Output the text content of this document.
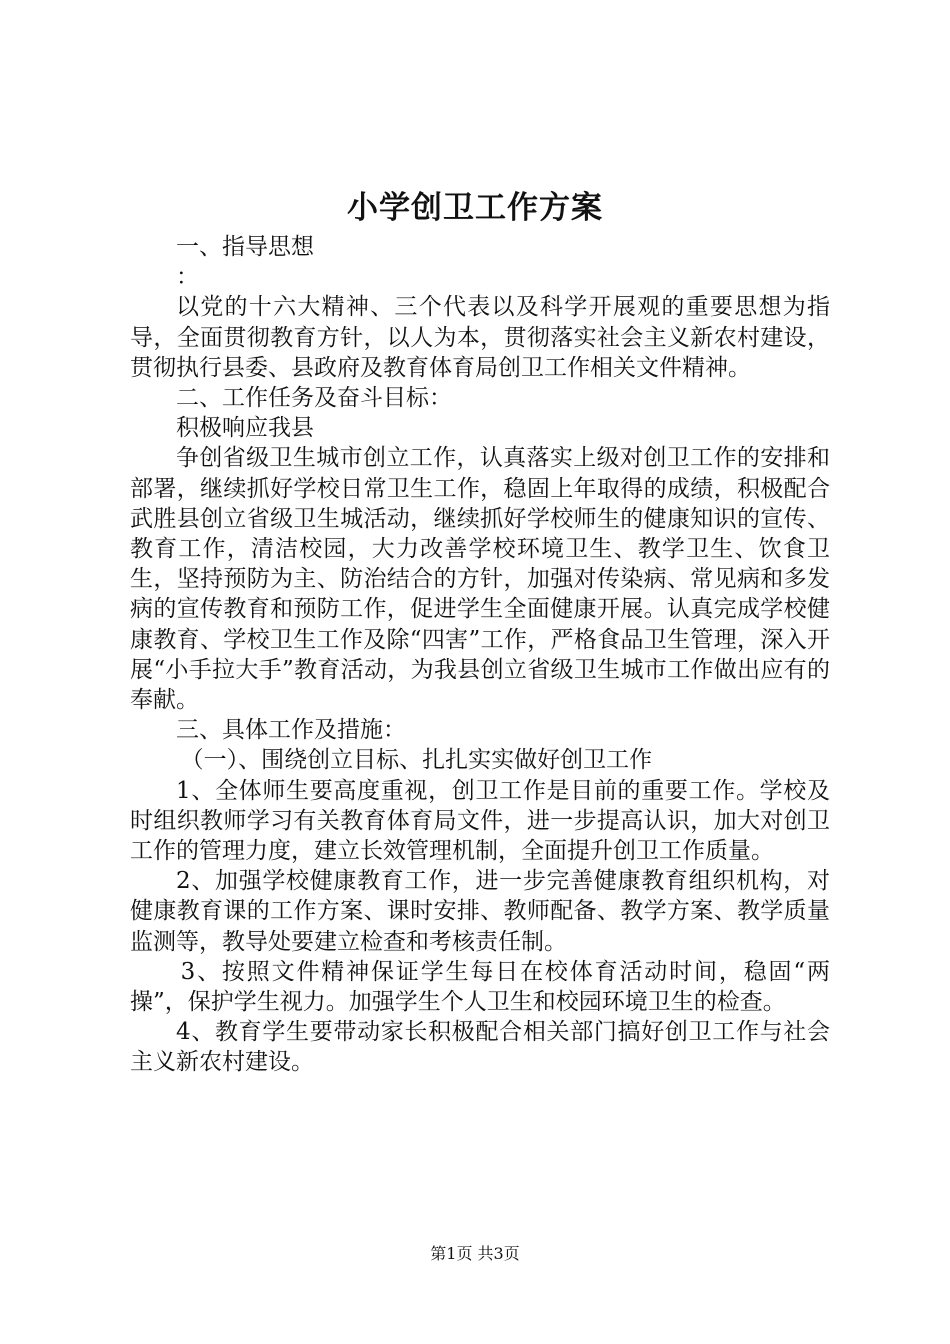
小学创卫工作方案

一、指导思想

：

以党的十六大精神、三个代表以及科学开展观的重要思想为指导，全面贯彻教育方针，以人为本，贯彻落实社会主义新农村建设，贯彻执行县委、县政府及教育体育局创卫工作相关文件精神。

二、工作任务及奋斗目标：

积极响应我县

争创省级卫生城市创立工作，认真落实上级对创卫工作的安排和部署，继续抓好学校日常卫生工作，稳固上年取得的成绩，积极配合武胜县创立省级卫生城活动，继续抓好学校师生的健康知识的宣传、教育工作，清洁校园，大力改善学校环境卫生、教学卫生、饮食卫生，坚持预防为主、防治结合的方针，加强对传染病、常见病和多发病的宣传教育和预防工作，促进学生全面健康开展。认真完成学校健康教育、学校卫生工作及除“四害”工作，严格食品卫生管理，深入开展“小手拉大手”教育活动，为我县创立省级卫生城市工作做出应有的奉献。

三、具体工作及措施：

（一）、围绕创立目标、扎扎实实做好创卫工作

1、全体师生要高度重视，创卫工作是目前的重要工作。学校及时组织教师学习有关教育体育局文件，进一步提高认识，加大对创卫工作的管理力度，建立长效管理机制，全面提升创卫工作质量。

2、加强学校健康教育工作，进一步完善健康教育组织机构，对健康教育课的工作方案、课时安排、教师配备、教学方案、教学质量监测等，教导处要建立检查和考核责任制。

3、按照文件精神保证学生每日在校体育活动时间，稳固“两操”，保护学生视力。加强学生个人卫生和校园环境卫生的检查。

4、教育学生要带动家长积极配合相关部门搞好创卫工作与社会主义新农村建设。

第1页 共3页
